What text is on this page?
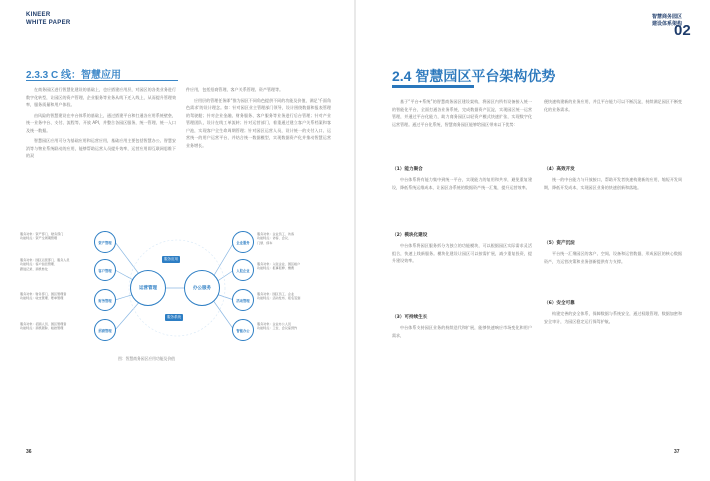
KINEER
WHITE PAPER
2.3.3 C 线：智慧应用

在商务园区进行智慧化建设的基础上，也应搭建应用层，对园区的各类业务进行数字化转型，让园区的资产管理、企业服务等业务从线下迁入线上，从而提升管理效率，服务质量和用户体验。

由风险的智慧建设在中台体系的基础上，通过搭建平台和打通各应用系统壁垒，统一业务中台、支付、流程等、开放 API，并整合各园区服务，统一管理、统一入口及统一数据。

智慧园区应用可分为基础应用和运营应用，基础应用主要包括智慧办公、智慧安消等与物业系统联动的应用，能够帮助运营人员提升效率，运营应用即互联网思维下的双

件应用，包括招商管理、客户关系管理、资产管理等。

应用层的管理任务即“推为园区不同角色提供不同的功能及价值，满足'千面角色需求'的设计理念。如：针对园区业主管理部门领导，设计围绕数据和报表管理的驾驶舱；针对企业金融、财务服务、客户服务等业务进行后台管理；针对产业管理团队，设计在线工单流转；针对运营部门，着重通过建立客户关系档案和客户池，实现客户全生命周期管理；针对园区运营人员，设计统一的支付入口、运营统一的用户运营平台，并结合统一数据模型，实现数据资产化并推动智慧运营业务增长。

服务对象：资产部门、财务部门
功能特点：资产全周期管理
资产管理
服务对象：园区运营部门、服务人员
功能特点：客户信息管理、
跟进记录、商机转化	客户管理
服务对象：财务部门、园区管理者
功能特点：收支管理、账单管理
财务管理
服务对象：招商人员、园区管理者
功能特点：商机跟踪、租控管理
招商管理
运营管理	办公服务
服务应用
服务系统
企业服务
服务对象：企业员工、访客
功能特点：访客、会议、
门禁、停车
入驻企业
服务对象：入驻企业、园区租户
功能特点：报事报修、缴费
活动管理
服务对象：园区员工、企业
功能特点：活动发布、报名签到
智能办公
服务对象：企业办公人员
功能特点：工位、会议室预约
图：智慧商务园区应用功能及价值
36
02
智慧商务园区
建设体系架构
2.4 智慧园区平台架构优势

基于“平台+系统”的智慧商务园区建设架构，将园区内所有设备接入统一的智能化平台，全面打通各业务系统，完成数据资产沉淀，实现园区统一运营管理，并通过平台化能力，助力商务园区以轻资产模式快速扩张，实现数字化运营管理。通过平台化系统，智慧商务园区能够给园区带来以下优势：

（1）能力聚合

中台体系将有能力集中到统一平台，实现能力的复用和共享，避免重复建设，降低系统运维成本，让园区各系统的数据资产统一汇集，提升运营效率。

（2）模块化建设

中台体系将园区服务拆分为独立的功能模块，可以根据园区实际需求灵活组合，快速上线新服务。模块化建设让园区可以按需扩展，减少重复投资，提升建设效率。

（3）可持续生长

中台体系支持园区业务的持续迭代和扩展，能够快速响应市场变化和用户需求，

便快速构建新的业务应用，并且平台能力可以不断沉淀，持续满足园区不断变化的业务需求。

（4）高效开发

统一的中台能力与开放接口，帮助开发者快速构建新的应用，缩短开发周期，降低开发成本，实现园区业务的快速创新和落地。

（5）资产沉淀

平台统一汇聚园区的客户、空间、设备和运营数据，形成园区的核心数据资产，为运营决策和业务创新提供有力支撑。

（6）安全可靠

构建完善的安全体系，保障数据与系统安全，通过权限管理、数据加密和安全审计，为园区稳定运行保驾护航。

37
